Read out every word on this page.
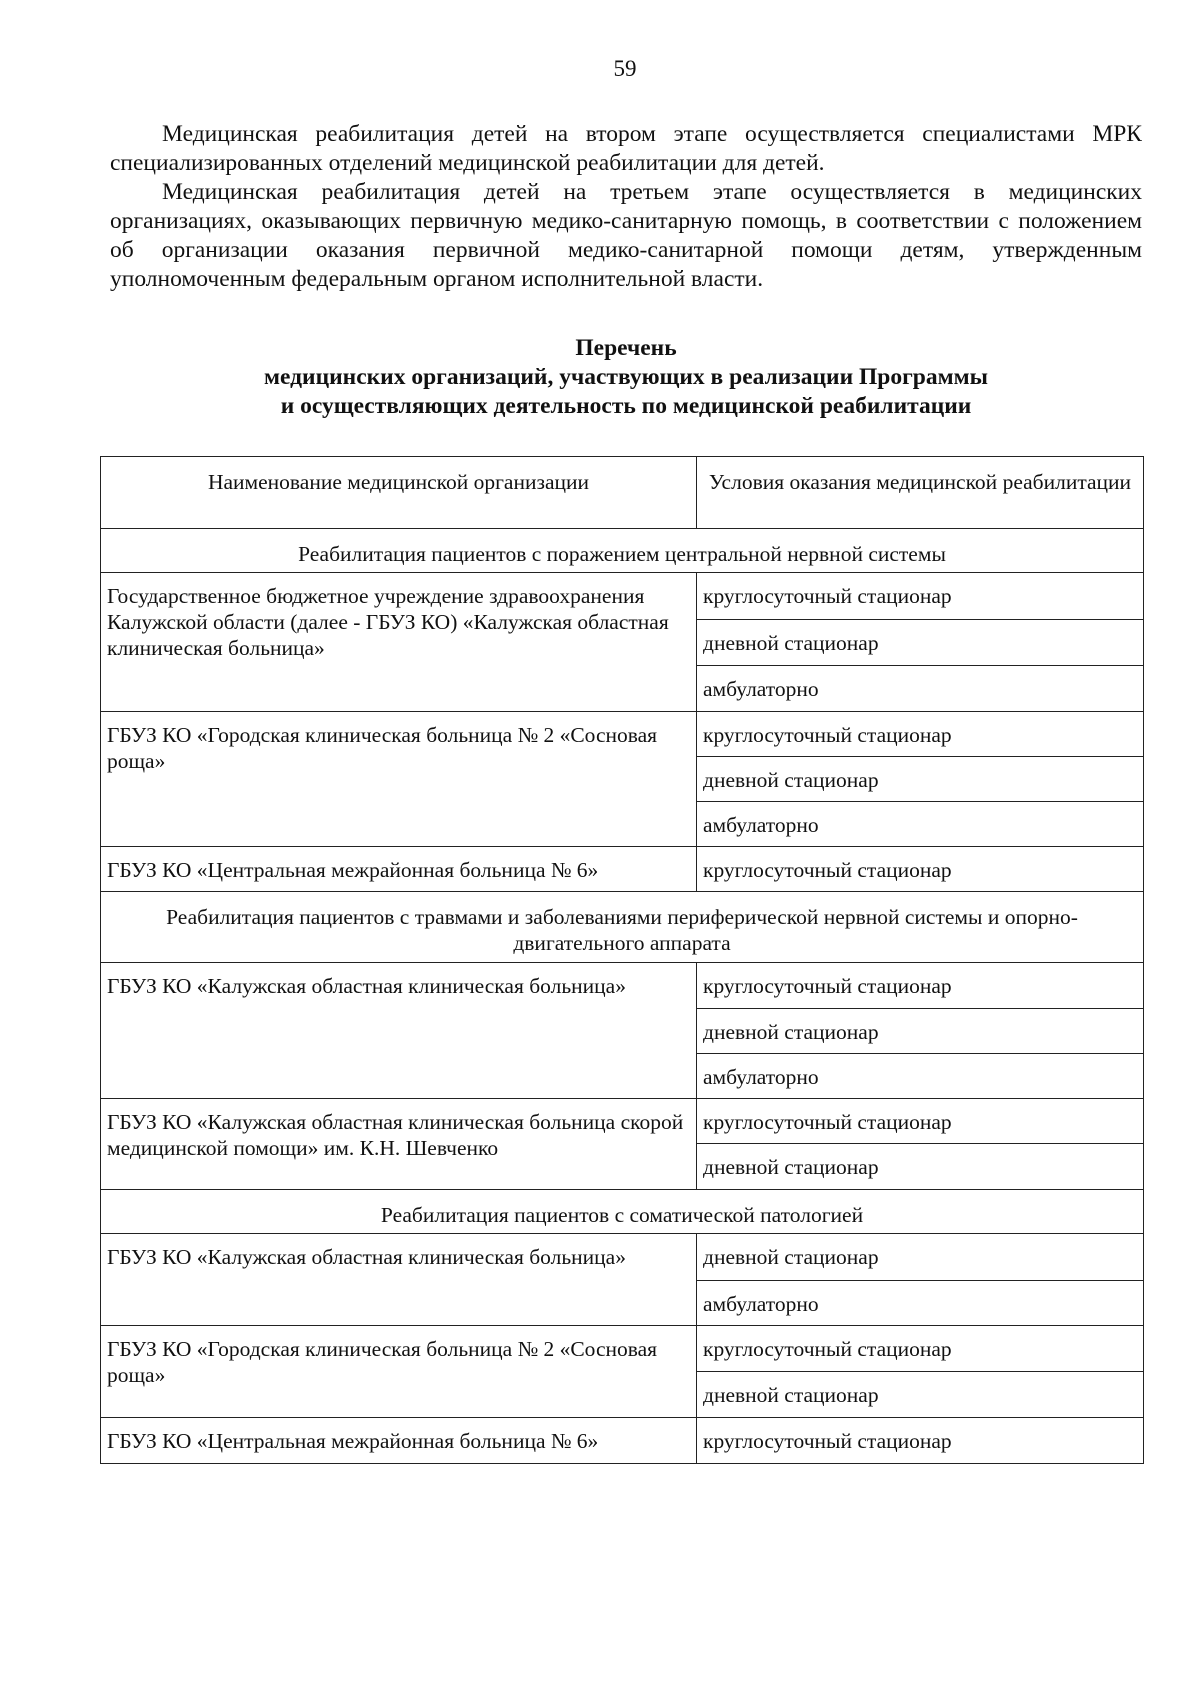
59

Медицинская реабилитация детей на втором этапе осуществляется специалистами МРК специализированных отделений медицинской реабилитации для детей.

Медицинская реабилитация детей на третьем этапе осуществляется в медицинских организациях, оказывающих первичную медико-санитарную помощь, в соответствии с положением об организации оказания первичной медико-санитарной помощи детям, утвержденным уполномоченным федеральным органом исполнительной власти.

Перечень
медицинских организаций, участвующих в реализации Программы
и осуществляющих деятельность по медицинской реабилитации
Наименование медицинской организации	Условия оказания медицинской реабилитации
Реабилитация пациентов с поражением центральной нервной системы	
Государственное бюджетное учреждение здравоохранения Калужской области (далее - ГБУЗ КО) «Калужская областная клиническая больница»	круглосуточный стационар
	дневной стационар
	амбулаторно
ГБУЗ КО «Городская клиническая больница № 2 «Сосновая роща»	круглосуточный стационар
	дневной стационар
	амбулаторно
ГБУЗ КО «Центральная межрайонная больница № 6»	круглосуточный стационар
Реабилитация пациентов с травмами и заболеваниями периферической нервной системы и опорно-двигательного аппарата	
ГБУЗ КО «Калужская областная клиническая больница»	круглосуточный стационар
	дневной стационар
	амбулаторно
ГБУЗ КО «Калужская областная клиническая больница скорой медицинской помощи» им. К.Н. Шевченко	круглосуточный стационар
	дневной стационар
Реабилитация пациентов с соматической патологией	
ГБУЗ КО «Калужская областная клиническая больница»	дневной стационар
	амбулаторно
ГБУЗ КО «Городская клиническая больница № 2 «Сосновая роща»	круглосуточный стационар
	дневной стационар
ГБУЗ КО «Центральная межрайонная больница № 6»	круглосуточный стационар
